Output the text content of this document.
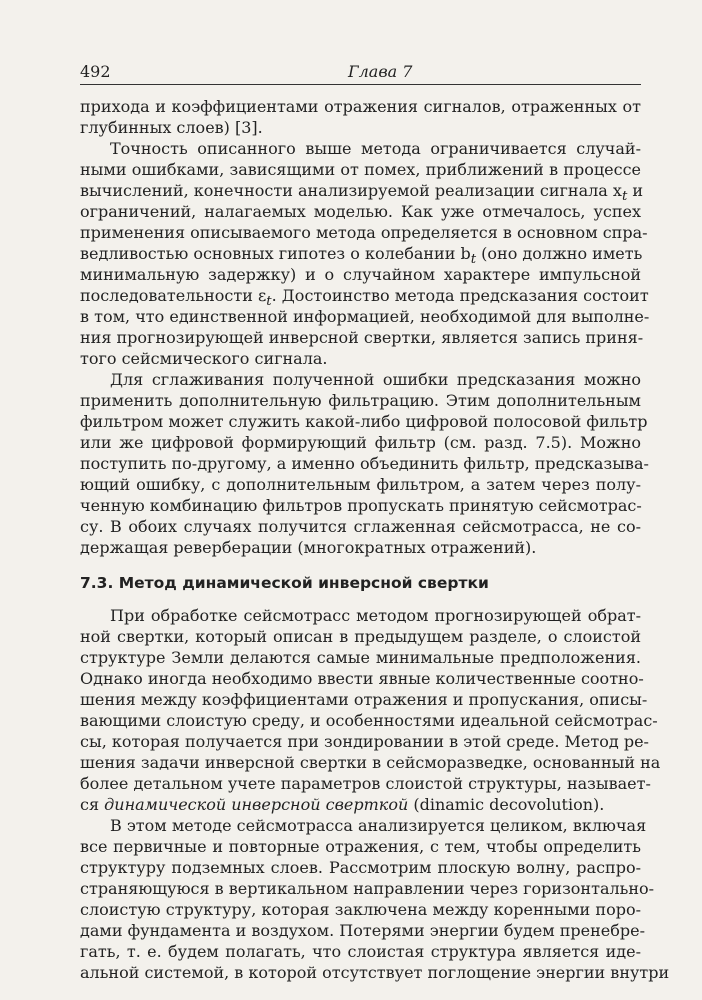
492	Глава 7
прихода и коэффициентами отражения сигналов, отраженных от
глубинных слоев) [3].
Точность описанного выше метода ограничивается случай-
ными ошибками, зависящими от помех, приближений в процессе
вычислений, конечности анализируемой реализации сигнала $x_t$ и
ограничений, налагаемых моделью. Как уже отмечалось, успех
применения описываемого метода определяется в основном спра-
ведливостью основных гипотез о колебании $b_t$ (оно должно иметь
минимальную задержку) и о случайном характере импульсной
последовательности $\varepsilon_t$. Достоинство метода предсказания состоит
в том, что единственной информацией, необходимой для выполне-
ния прогнозирующей инверсной свертки, является запись приня-
того сейсмического сигнала.
Для сглаживания полученной ошибки предсказания можно
применить дополнительную фильтрацию. Этим дополнительным
фильтром может служить какой-либо цифровой полосовой фильтр
или же цифровой формирующий фильтр (см. разд. 7.5). Можно
поступить по-другому, а именно объединить фильтр, предсказыва-
ющий ошибку, с дополнительным фильтром, а затем через полу-
ченную комбинацию фильтров пропускать принятую сейсмотрас-
су. В обоих случаях получится сглаженная сейсмотрасса, не со-
держащая реверберации (многократных отражений).
7.3. Метод динамической инверсной свертки
При обработке сейсмотрасс методом прогнозирующей обрат-
ной свертки, который описан в предыдущем разделе, о слоистой
структуре Земли делаются самые минимальные предположения.
Однако иногда необходимо ввести явные количественные соотно-
шения между коэффициентами отражения и пропускания, описы-
вающими слоистую среду, и особенностями идеальной сейсмотрас-
сы, которая получается при зондировании в этой среде. Метод ре-
шения задачи инверсной свертки в сейсморазведке, основанный на
более детальном учете параметров слоистой структуры, называет-
ся динамической инверсной сверткой (dinamic decovolution).
В этом методе сейсмотрасса анализируется целиком, включая
все первичные и повторные отражения, с тем, чтобы определить
структуру подземных слоев. Рассмотрим плоскую волну, распро-
страняющуюся в вертикальном направлении через горизонтально-
слоистую структуру, которая заключена между коренными поро-
дами фундамента и воздухом. Потерями энергии будем пренебре-
гать, т. е. будем полагать, что слоистая структура является иде-
альной системой, в которой отсутствует поглощение энергии внутри
